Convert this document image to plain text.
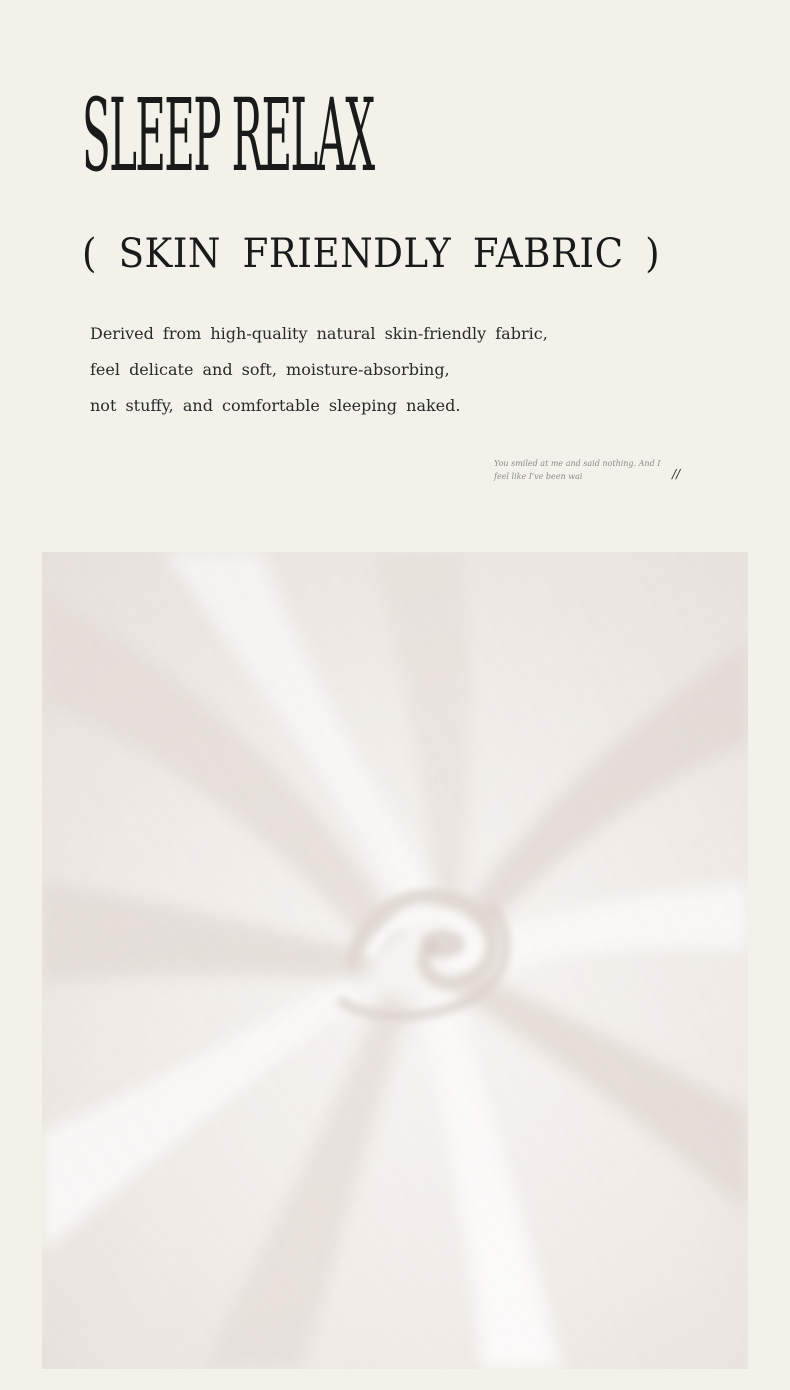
SLEEP RELAX
( SKIN FRIENDLY FABRIC )

Derived from high-quality natural skin-friendly fabric,

feel delicate and soft, moisture-absorbing,

not stuffy, and comfortable sleeping naked.

You smiled at me and said nothing. And I

feel like I've been wai	//
